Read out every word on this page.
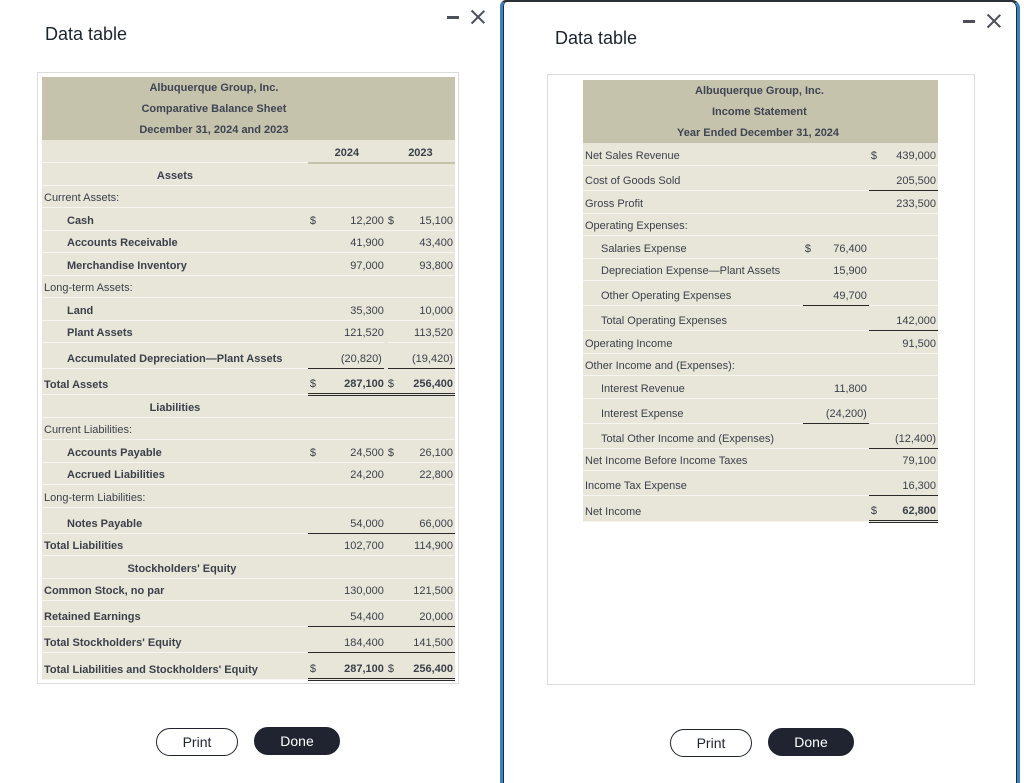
Data table
Albuquerque Group, Inc.				
Comparative Balance Sheet				
December 31, 2024 and 2023				
	2024		2023	
Assets				
Current Assets:				
Cash	$	12,200	$	15,100
Accounts Receivable		41,900		43,400
Merchandise Inventory		97,000		93,800
Long-term Assets:				
Land		35,300		10,000
Plant Assets		121,520		113,520
Accumulated Depreciation—Plant Assets		(20,820)		(19,420)
Total Assets	$	287,100	$	256,400
Liabilities				
Current Liabilities:				
Accounts Payable	$	24,500	$	26,100
Accrued Liabilities		24,200		22,800
Long-term Liabilities:				
Notes Payable		54,000		66,000
Total Liabilities		102,700		114,900
Stockholders' Equity				
Common Stock, no par		130,000		121,500
Retained Earnings		54,400		20,000
Total Stockholders' Equity		184,400		141,500
Total Liabilities and Stockholders' Equity	$	287,100	$	256,400
Print	Done
Data table
Albuquerque Group, Inc.				
Income Statement				
Year Ended December 31, 2024				
Net Sales Revenue			$	439,000
Cost of Goods Sold				205,500
Gross Profit				233,500
Operating Expenses:				
Salaries Expense	$	76,400		
Depreciation Expense—Plant Assets		15,900		
Other Operating Expenses		49,700		
Total Operating Expenses				142,000
Operating Income				91,500
Other Income and (Expenses):				
Interest Revenue		11,800		
Interest Expense		(24,200)		
Total Other Income and (Expenses)				(12,400)
Net Income Before Income Taxes				79,100
Income Tax Expense				16,300
Net Income			$	62,800
Print	Done
